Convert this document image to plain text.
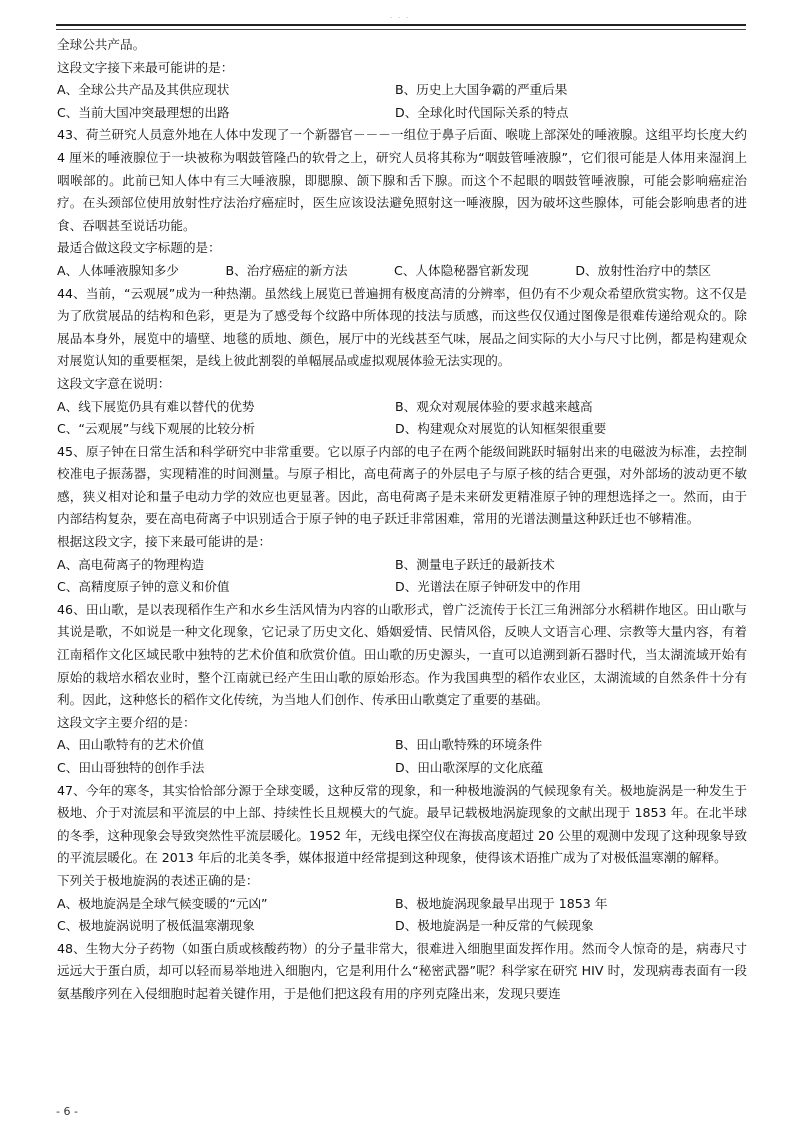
- - -

全球公共产品。

这段文字接下来最可能讲的是：

A、全球公共产品及其供应现状	B、历史上大国争霸的严重后果
C、当前大国冲突最理想的出路	D、全球化时代国际关系的特点

43、荷兰研究人员意外地在人体中发现了一个新器官－－－一组位于鼻子后面、喉咙上部深处的唾液腺。这组平均长度大约 4 厘米的唾液腺位于一块被称为咽鼓管隆凸的软骨之上，研究人员将其称为“咽鼓管唾液腺”，它们很可能是人体用来湿润上咽喉部的。此前已知人体中有三大唾液腺，即腮腺、颌下腺和舌下腺。而这个不起眼的咽鼓管唾液腺，可能会影响癌症治疗。在头颈部位使用放射性疗法治疗癌症时，医生应该设法避免照射这一唾液腺，因为破坏这些腺体，可能会影响患者的进食、吞咽甚至说话功能。

最适合做这段文字标题的是：

A、人体唾液腺知多少	B、治疗癌症的新方法	C、人体隐秘器官新发现	D、放射性治疗中的禁区

44、当前，“云观展”成为一种热潮。虽然线上展览已普遍拥有极度高清的分辨率，但仍有不少观众希望欣赏实物。这不仅是为了欣赏展品的结构和色彩，更是为了感受每个纹路中所体现的技法与质感，而这些仅仅通过图像是很难传递给观众的。除展品本身外，展览中的墙壁、地毯的质地、颜色，展厅中的光线甚至气味，展品之间实际的大小与尺寸比例，都是构建观众对展览认知的重要框架，是线上彼此割裂的单幅展品或虚拟观展体验无法实现的。

这段文字意在说明：

A、线下展览仍具有难以替代的优势	B、观众对观展体验的要求越来越高
C、“云观展”与线下观展的比较分析	D、构建观众对展览的认知框架很重要

45、原子钟在日常生活和科学研究中非常重要。它以原子内部的电子在两个能级间跳跃时辐射出来的电磁波为标准，去控制校准电子振荡器，实现精准的时间测量。与原子相比，高电荷离子的外层电子与原子核的结合更强，对外部场的波动更不敏感，狭义相对论和量子电动力学的效应也更显著。因此，高电荷离子是未来研发更精准原子钟的理想选择之一。然而，由于内部结构复杂，要在高电荷离子中识别适合于原子钟的电子跃迁非常困难，常用的光谱法测量这种跃迁也不够精准。

根据这段文字，接下来最可能讲的是：

A、高电荷离子的物理构造	B、测量电子跃迁的最新技术
C、高精度原子钟的意义和价值	D、光谱法在原子钟研发中的作用

46、田山歌，是以表现稻作生产和水乡生活风情为内容的山歌形式，曾广泛流传于长江三角洲部分水稻耕作地区。田山歌与其说是歌，不如说是一种文化现象，它记录了历史文化、婚姻爱情、民情风俗，反映人文语言心理、宗教等大量内容，有着江南稻作文化区域民歌中独特的艺术价值和欣赏价值。田山歌的历史源头，一直可以追溯到新石器时代，当太湖流域开始有原始的栽培水稻农业时，整个江南就已经产生田山歌的原始形态。作为我国典型的稻作农业区，太湖流域的自然条件十分有利。因此，这种悠长的稻作文化传统，为当地人们创作、传承田山歌奠定了重要的基础。

这段文字主要介绍的是：

A、田山歌特有的艺术价值	B、田山歌特殊的环境条件
C、田山哥独特的创作手法	D、田山歌深厚的文化底蕴

47、今年的寒冬，其实恰恰部分源于全球变暖，这种反常的现象，和一种极地漩涡的气候现象有关。极地旋涡是一种发生于极地、介于对流层和平流层的中上部、持续性长且规模大的气旋。最早记载极地涡旋现象的文献出现于 1853 年。在北半球的冬季，这种现象会导致突然性平流层暖化。1952 年，无线电探空仪在海拔高度超过 20 公里的观测中发现了这种现象导致的平流层暖化。在 2013 年后的北美冬季，媒体报道中经常提到这种现象，使得该术语推广成为了对极低温寒潮的解释。

下列关于极地旋涡的表述正确的是：

A、极地旋涡是全球气候变暖的“元凶”	B、极地旋涡现象最早出现于 1853 年
C、极地旋涡说明了极低温寒潮现象	D、极地旋涡是一种反常的气候现象

48、生物大分子药物（如蛋白质或核酸药物）的分子量非常大，很难进入细胞里面发挥作用。然而令人惊奇的是，病毒尺寸远远大于蛋白质，却可以轻而易举地进入细胞内，它是利用什么“秘密武器”呢？科学家在研究 HIV 时，发现病毒表面有一段氨基酸序列在入侵细胞时起着关键作用，于是他们把这段有用的序列克隆出来，发现只要连

- 6 -
